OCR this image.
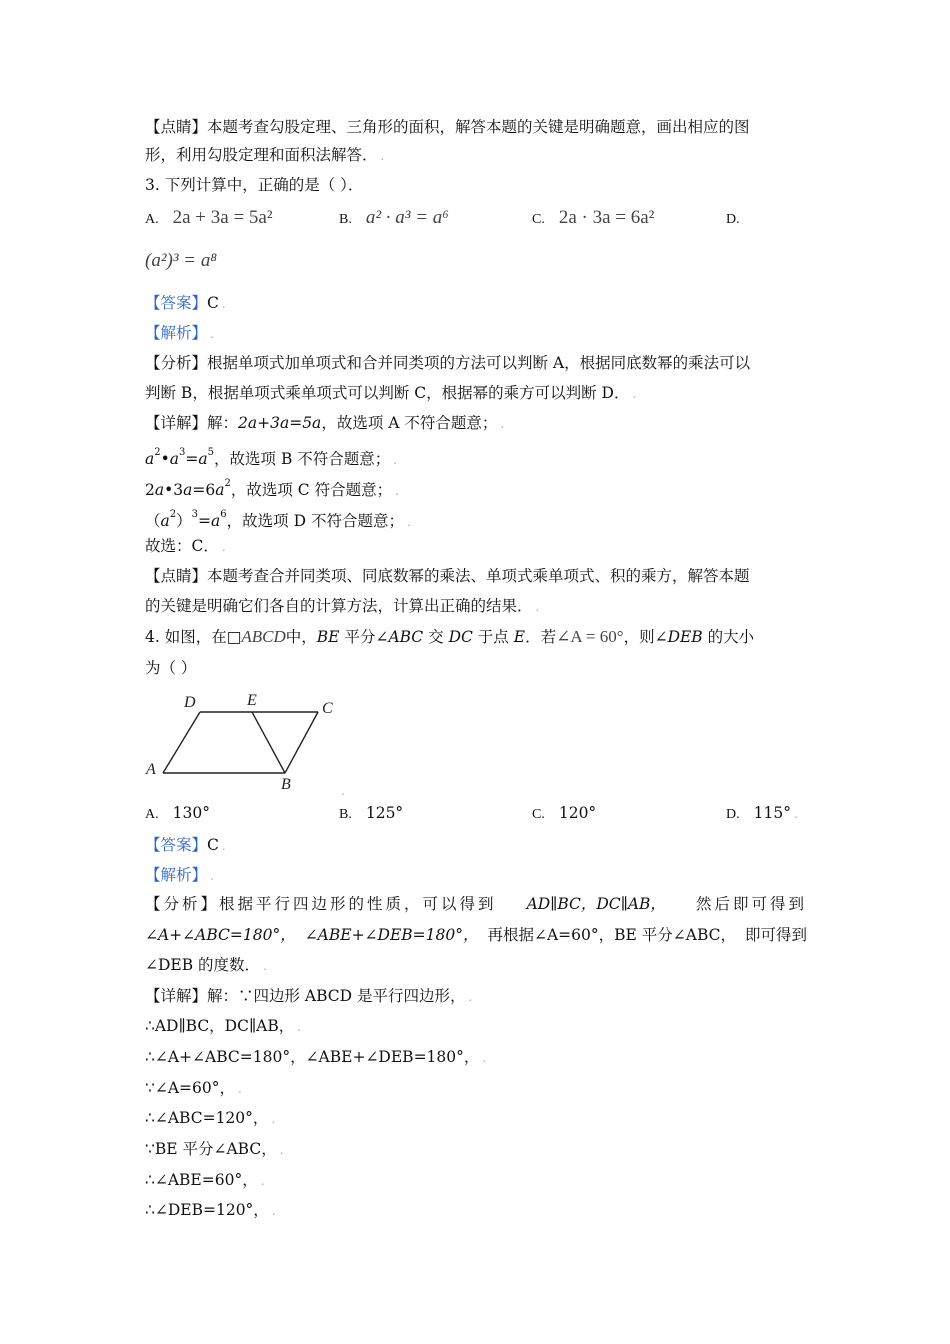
【点睛】本题考查勾股定理、三角形的面积，解答本题的关键是明确题意，画出相应的图
形，利用勾股定理和面积法解答． .
3. 下列计算中，正确的是（ ）．
A. 2a + 3a = 5a²	B. a² · a³ = a⁶	C. 2a · 3a = 6a²	D.
(a²)³ = a⁸
【答案】C .
【解析】 .
【分析】根据单项式加单项式和合并同类项的方法可以判断 A，根据同底数幂的乘法可以
判断 B，根据单项式乘单项式可以判断 C，根据幂的乘方可以判断 D． .
【详解】解：2a+3a=5a，故选项 A 不符合题意； .
$a^2•a^3=a^5$，故选项 B 不符合题意； .
$2a•3a=6a^2$，故选项 C 符合题意； .
$(a^2)^3=a^6$，故选项 D 不符合题意； .
故选：C． .
【点睛】本题考查合并同类项、同底数幂的乘法、单项式乘单项式、积的乘方，解答本题
的关键是明确它们各自的计算方法，计算出正确的结果． .
4. 如图，在□ABCD中，BE 平分∠ABC 交 DC 于点 E．若∠A = 60°，则∠DEB 的大小
为（ ）
D	E	C
A
B	.
A. 130°	B. 125°	C. 120°	D. 115° .
【答案】C .
【解析】 .
【分析】根据平行四边形的性质，可以得到 AD∥BC，DC∥AB， 然后即可得到
∠A+∠ABC=180°， ∠ABE+∠DEB=180°， 再根据∠A=60°，BE 平分∠ABC， 即可得到
∠DEB 的度数． .
【详解】解：∵四边形 ABCD 是平行四边形， .
∴AD∥BC，DC∥AB， .
∴∠A+∠ABC=180°，∠ABE+∠DEB=180°， .
∵∠A=60°， .
∴∠ABC=120°， .
∵BE 平分∠ABC， .
∴∠ABE=60°， .
∴∠DEB=120°， .
